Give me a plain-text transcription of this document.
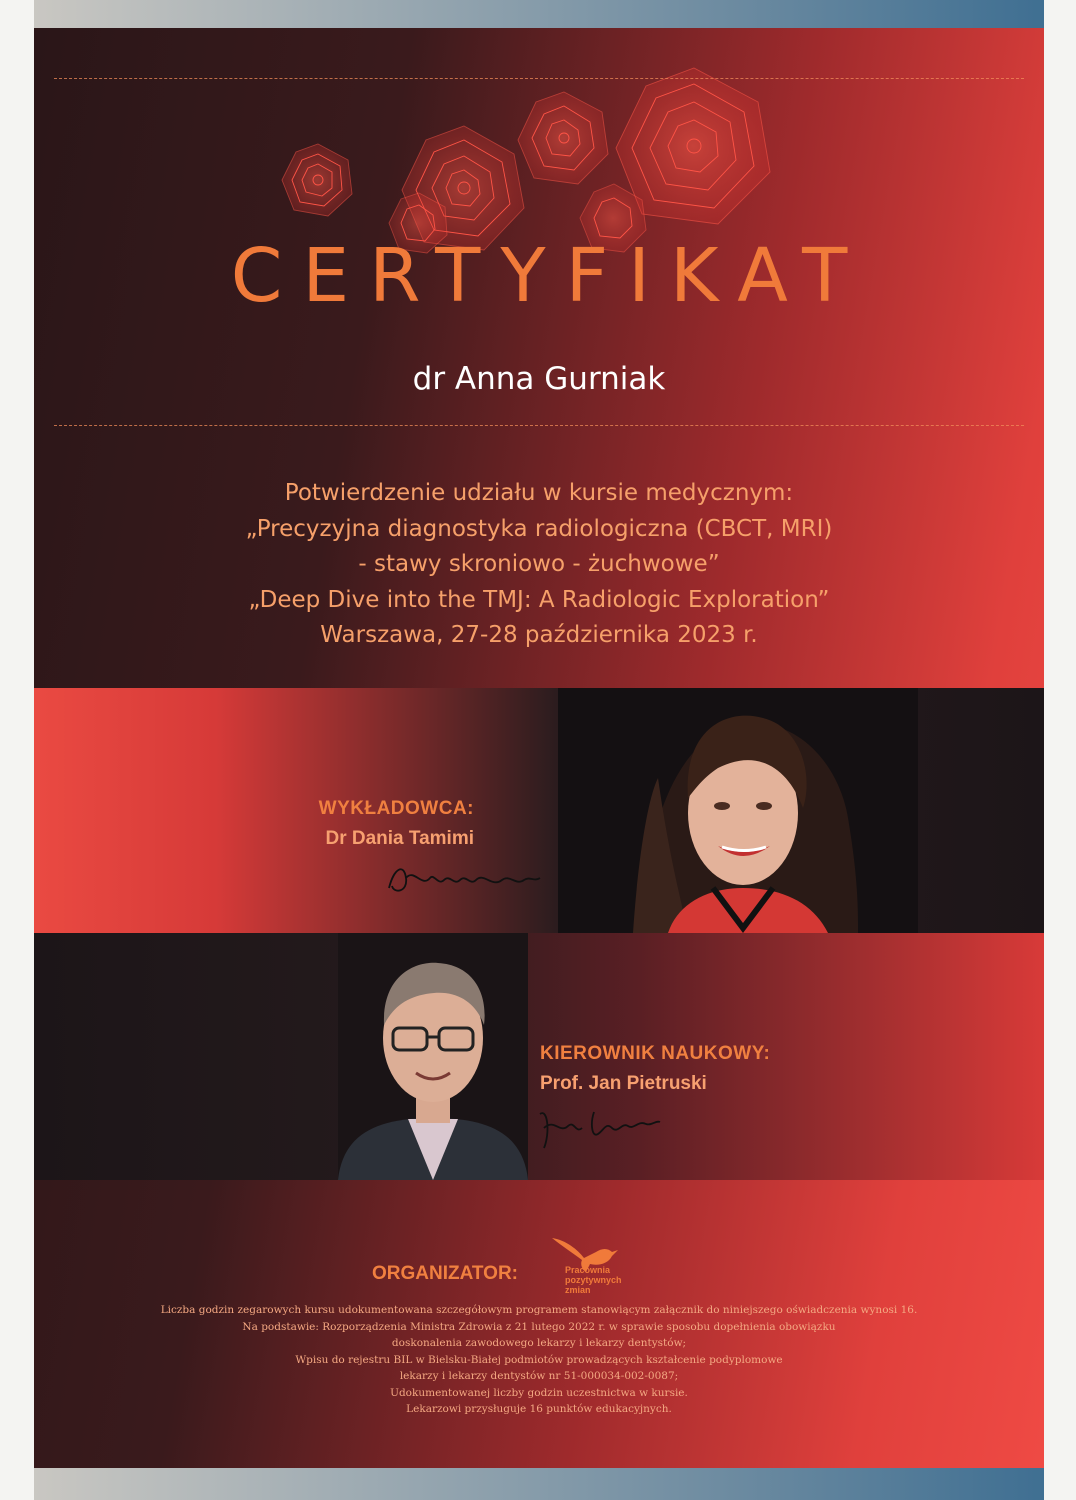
CERTYFIKAT
dr Anna Gurniak
Potwierdzenie udziału w kursie medycznym:
„Precyzyjna diagnostyka radiologiczna (CBCT, MRI)
- stawy skroniowo - żuchwowe”
„Deep Dive into the TMJ: A Radiologic Exploration”
Warszawa, 27-28 października 2023 r.
WYKŁADOWCA:
Dr Dania Tamimi
KIEROWNIK NAUKOWY:
Prof. Jan Pietruski
ORGANIZATOR:	Pracownia
pozytywnych
zmian
Liczba godzin zegarowych kursu udokumentowana szczegółowym programem stanowiącym załącznik do niniejszego oświadczenia wynosi 16.
Na podstawie: Rozporządzenia Ministra Zdrowia z 21 lutego 2022 r. w sprawie sposobu dopełnienia obowiązku
doskonalenia zawodowego lekarzy i lekarzy dentystów;
Wpisu do rejestru BIL w Bielsku-Białej podmiotów prowadzących kształcenie podyplomowe
lekarzy i lekarzy dentystów nr 51-000034-002-0087;
Udokumentowanej liczby godzin uczestnictwa w kursie.
Lekarzowi przysługuje 16 punktów edukacyjnych.
